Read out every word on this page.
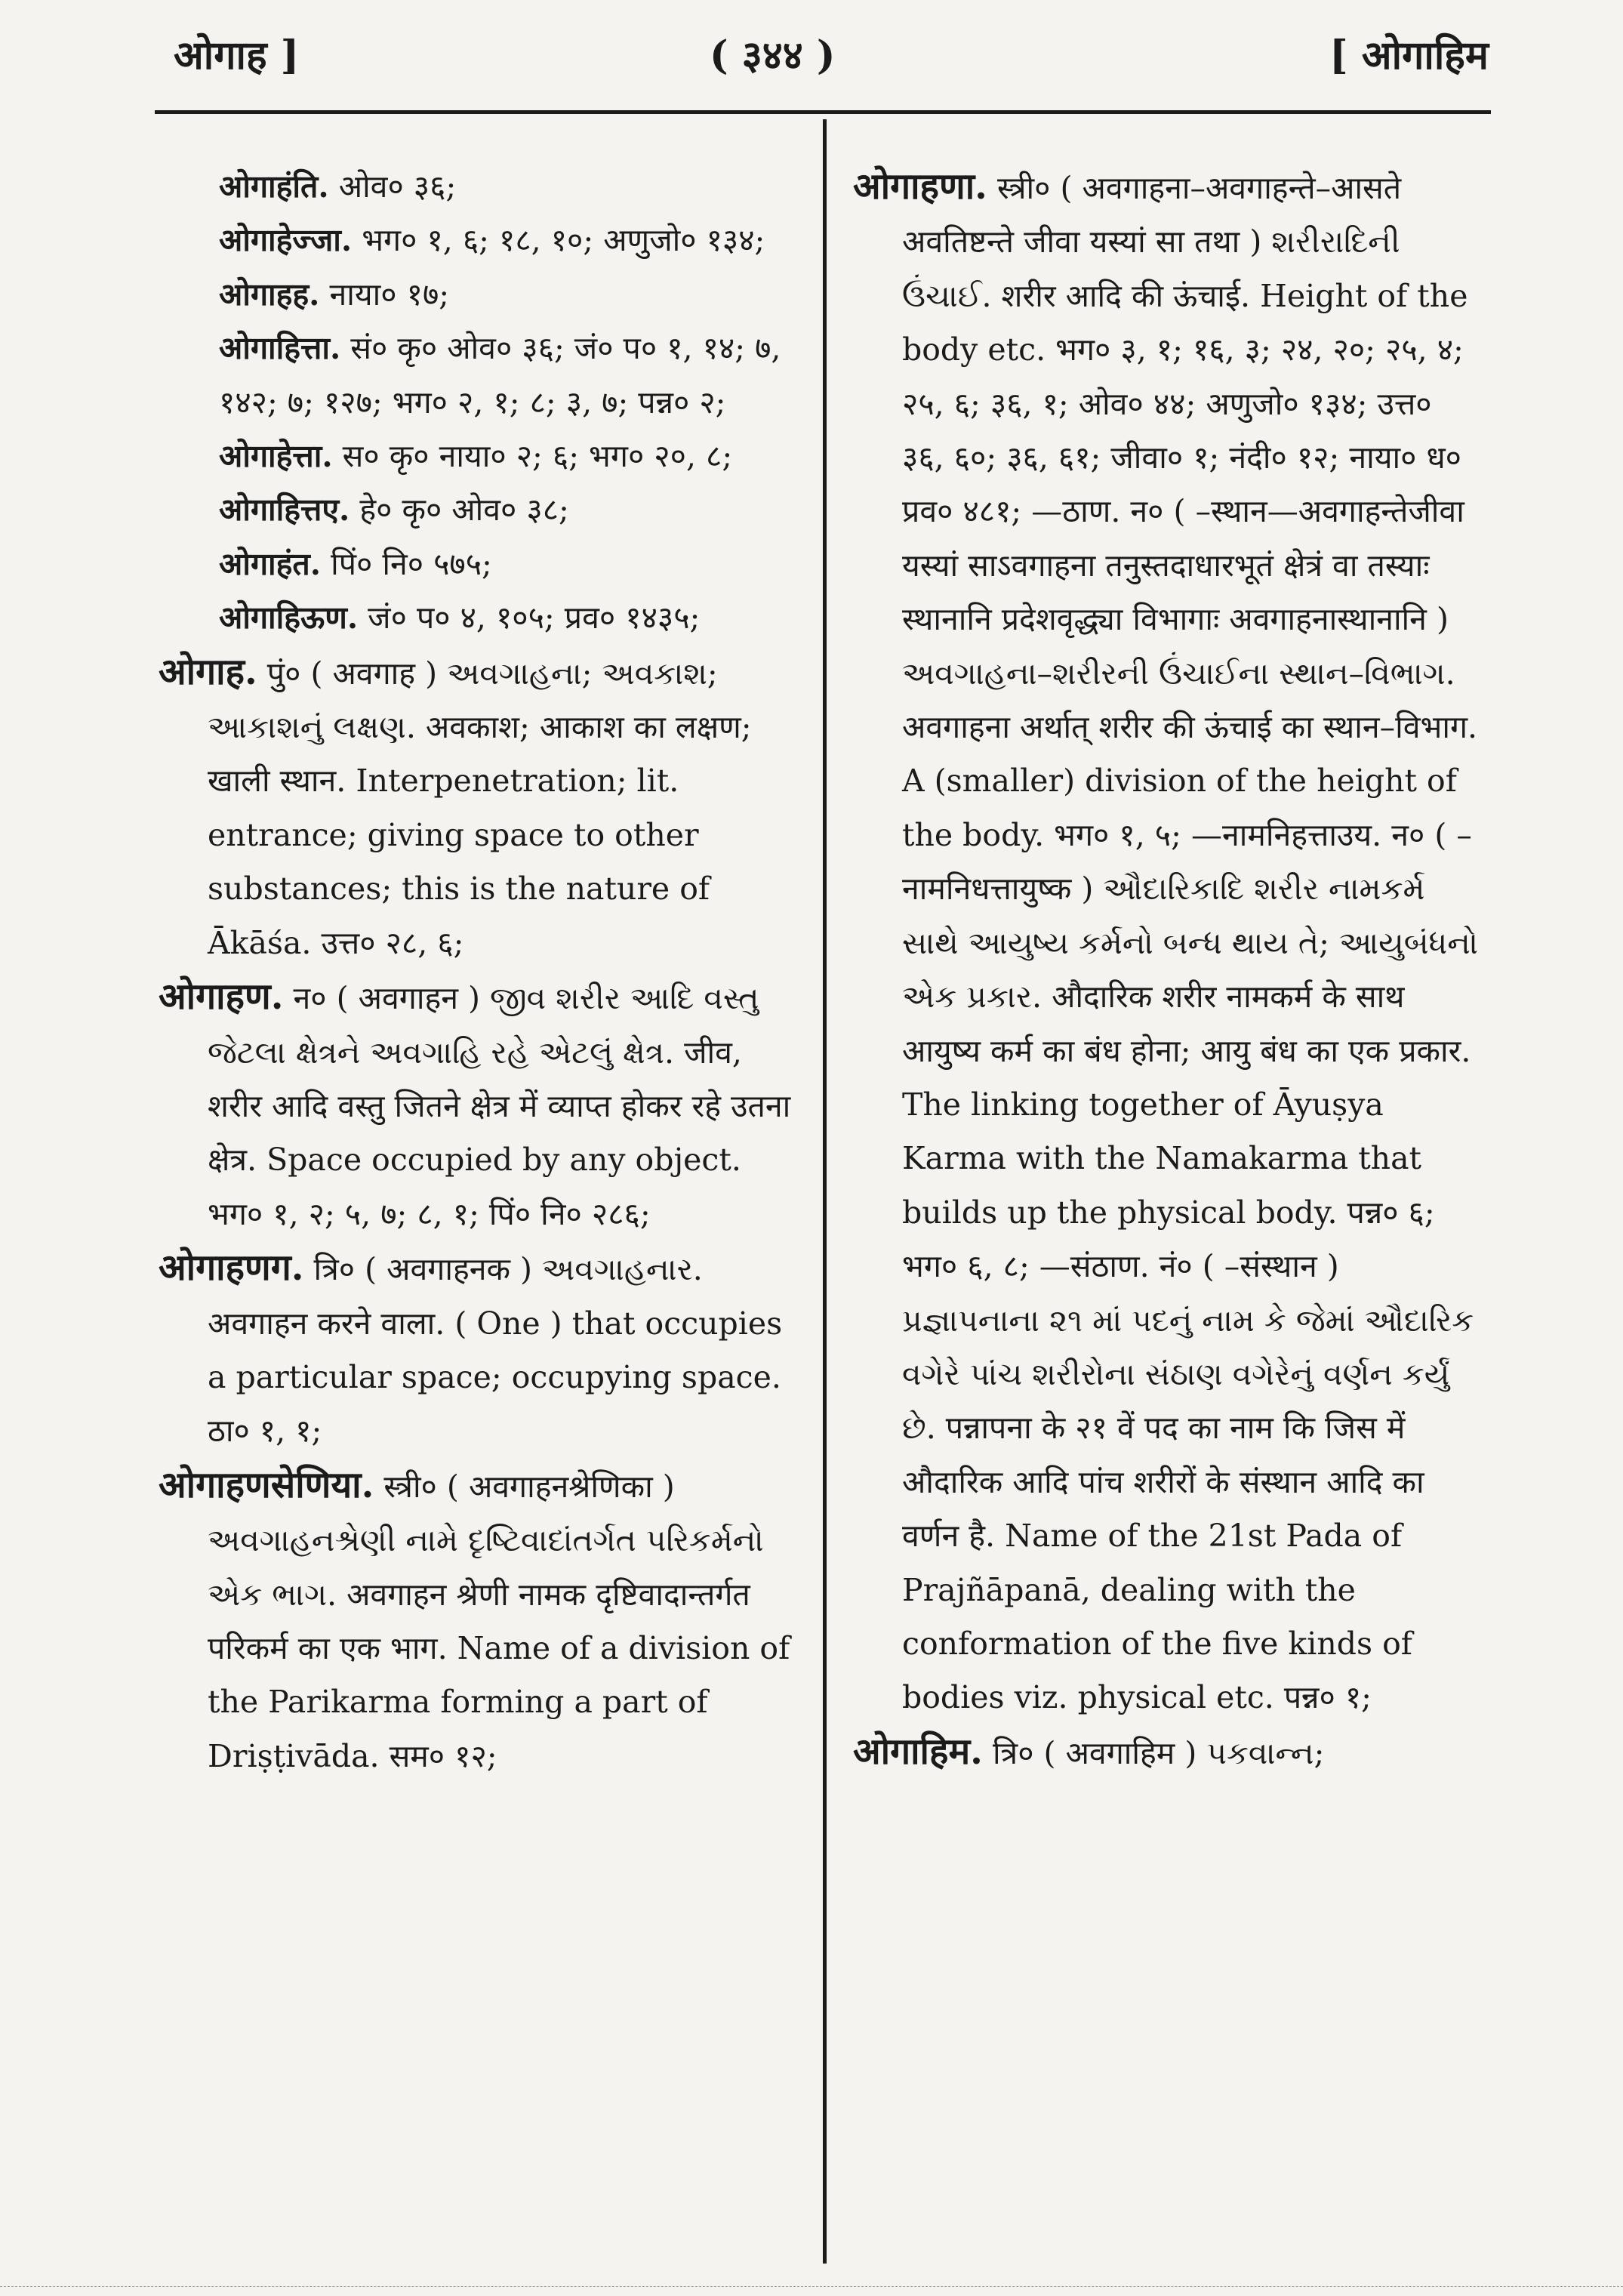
ओगाह ]	( ३४४ )	[ ओगाहिम

ओगाहंति. ओव० ३६;

ओगाहेज्जा. भग० १, ६; १८, १०; अणुजो० १३४;

ओगाहह. नाया० १७;

ओगाहित्ता. सं० कृ० ओव० ३६; जं० प० १, १४; ७, १४२; ७; १२७; भग० २, १; ८; ३, ७; पन्न० २;

ओगाहेत्ता. स० कृ० नाया० २; ६; भग० २०, ८;

ओगाहित्तए. हे० कृ० ओव० ३८;

ओगाहंत. पिं० नि० ५७५;

ओगाहिऊण. जं० प० ४, १०५; प्रव० १४३५;

ओगाह. पुं० ( अवगाह ) અવગાહના; અવકાશ; આકાશનું લક્ષણ. अवकाश; आकाश का लक्षण; खाली स्थान. Interpenetration; lit. entrance; giving space to other substances; this is the nature of Ākāśa. उत्त० २८, ६;

ओगाहण. न० ( अवगाहन ) જીવ શરીર આદિ વસ્તુ જેટલા ક્ષેત્રને અવગાહિ રહે એટલું ક્ષેત્ર. जीव, शरीर आदि वस्तु जितने क्षेत्र में व्याप्त होकर रहे उतना क्षेत्र. Space occupied by any object. भग० १, २; ५, ७; ८, १; पिं० नि० २८६;

ओगाहणग. त्रि० ( अवगाहनक ) અવગાહનાર. अवगाहन करने वाला. ( One ) that occupies a particular space; occupying space. ठा० १, १;

ओगाहणसेणिया. स्त्री० ( अवगाहनश्रेणिका ) અવગાહનશ્રેણી નામે દૃષ્ટિવાદાંતર્ગત પરિકર્મનો એક ભાગ. अवगाहन श्रेणी नामक दृष्टिवादान्तर्गत परिकर्म का एक भाग. Name of a division of the Parikarma forming a part of Driṣṭivāda. सम० १२;

ओगाहणा. स्त्री० ( अवगाहना–अवगाहन्ते–आसते अवतिष्टन्ते जीवा यस्यां सा तथा ) શરીરાદિની ઉંચાઈ. शरीर आदि की ऊंचाई. Height of the body etc. भग० ३, १; १६, ३; २४, २०; २५, ४; २५, ६; ३६, १; ओव० ४४; अणुजो० १३४; उत्त० ३६, ६०; ३६, ६१; जीवा० १; नंदी० १२; नाया० ध० प्रव० ४८१; —ठाण. न० ( –स्थान—अवगाहन्तेजीवा यस्यां साऽवगाहना तनुस्तदाधारभूतं क्षेत्रं वा तस्याः स्थानानि प्रदेशवृद्ध्या विभागाः अवगाहनास्थानानि ) અવગાહના–શરીરની ઉંચાઈના સ્થાન–વિભાગ. अवगाहना अर्थात् शरीर की ऊंचाई का स्थान–विभाग. A (smaller) division of the height of the body. भग० १, ५; —नामनिहत्ताउय. न० ( –नामनिधत्तायुष्क ) ઔદારિકાદિ શરીર નામકર્મ સાથે આયુષ્ય કર્મનો બન્ધ થાય તે; આયુબંધનો એક પ્રકાર. औदारिक शरीर नामकर्म के साथ आयुष्य कर्म का बंध होना; आयु बंध का एक प्रकार. The linking together of Āyuṣya Karma with the Namakarma that builds up the physical body. पन्न० ६; भग० ६, ८; —संठाण. नं० ( –संस्थान ) પ્રજ્ઞાપનાના ૨૧ માં પદનું નામ કે જેમાં ઔદારિક વગેરે પાંચ શરીરોના સંઠાણ વગેરેનું વર્ણન કર્યું છે. पन्नापना के २१ वें पद का नाम कि जिस में औदारिक आदि पांच शरीरों के संस्थान आदि का वर्णन है. Name of the 21st Pada of Prajñāpanā, dealing with the conformation of the five kinds of bodies viz. physical etc. पन्न० १;

ओगाहिम. त्रि० ( अवगाहिम ) પકવાન્ન;
